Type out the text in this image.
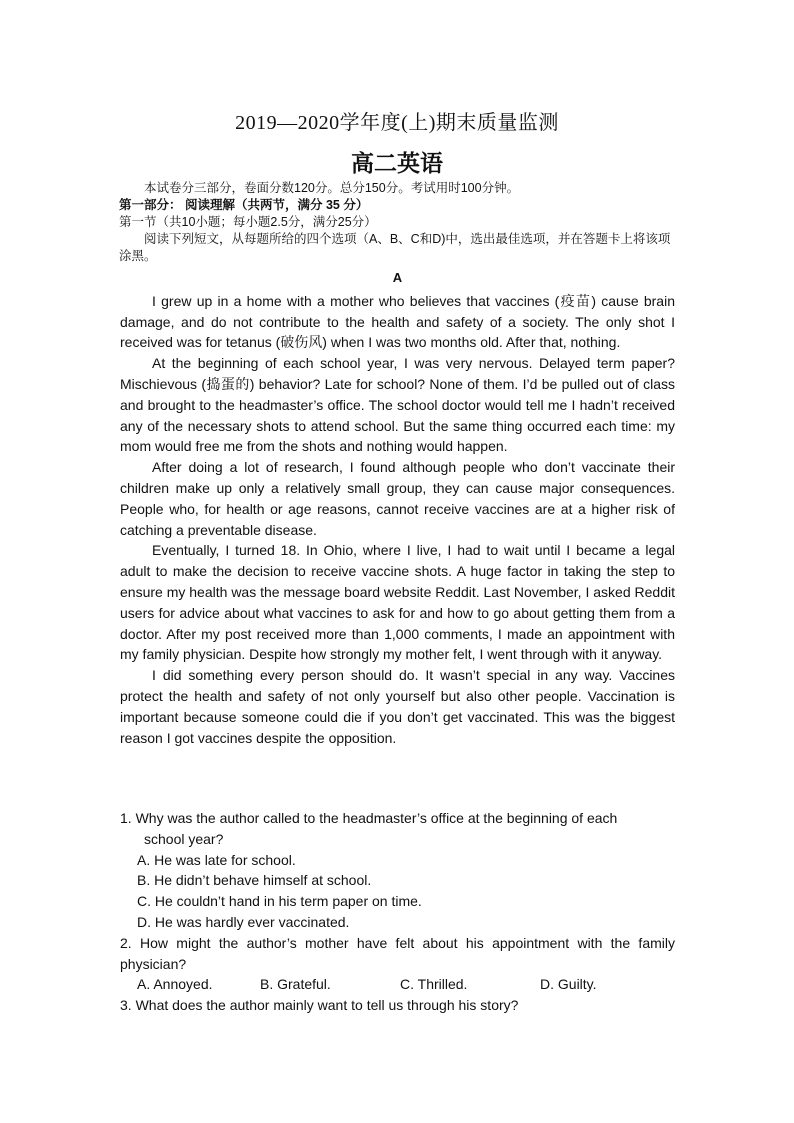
2019—2020学年度(上)期末质量监测
高二英语
本试卷分三部分，卷面分数120分。总分150分。考试用时100分钟。
第一部分： 阅读理解（共两节，满分 35 分）
第一节（共10小题；每小题2.5分，满分25分）
阅读下列短文，从每题所给的四个选项（A、B、C和D)中，选出最佳选项，并在答题卡上将该项涂黑。

A

I grew up in a home with a mother who believes that vaccines (疫苗) cause brain damage, and do not contribute to the health and safety of a society. The only shot I received was for tetanus (破伤风) when I was two months old. After that, nothing.

At the beginning of each school year, I was very nervous. Delayed term paper? Mischievous (捣蛋的) behavior? Late for school? None of them. I’d be pulled out of class and brought to the headmaster’s office. The school doctor would tell me I hadn’t received any of the necessary shots to attend school. But the same thing occurred each time: my mom would free me from the shots and nothing would happen.

After doing a lot of research, I found although people who don’t vaccinate their children make up only a relatively small group, they can cause major consequences. People who, for health or age reasons, cannot receive vaccines are at a higher risk of catching a preventable disease.

Eventually, I turned 18. In Ohio, where I live, I had to wait until I became a legal adult to make the decision to receive vaccine shots. A huge factor in taking the step to ensure my health was the message board website Reddit. Last November, I asked Reddit users for advice about what vaccines to ask for and how to go about getting them from a doctor. After my post received more than 1,000 comments, I made an appointment with my family physician. Despite how strongly my mother felt, I went through with it anyway.

I did something every person should do. It wasn’t special in any way. Vaccines protect the health and safety of not only yourself but also other people. Vaccination is important because someone could die if you don’t get vaccinated. This was the biggest reason I got vaccines despite the opposition.

1. Why was the author called to the headmaster’s office at the beginning of each
school year?
A. He was late for school.
B. He didn’t behave himself at school.
C. He couldn’t hand in his term paper on time.
D. He was hardly ever vaccinated.
2. How might the author’s mother have felt about his appointment with the family physician?
A. Annoyed.	B. Grateful.	C. Thrilled.	D. Guilty.
3. What does the author mainly want to tell us through his story?
